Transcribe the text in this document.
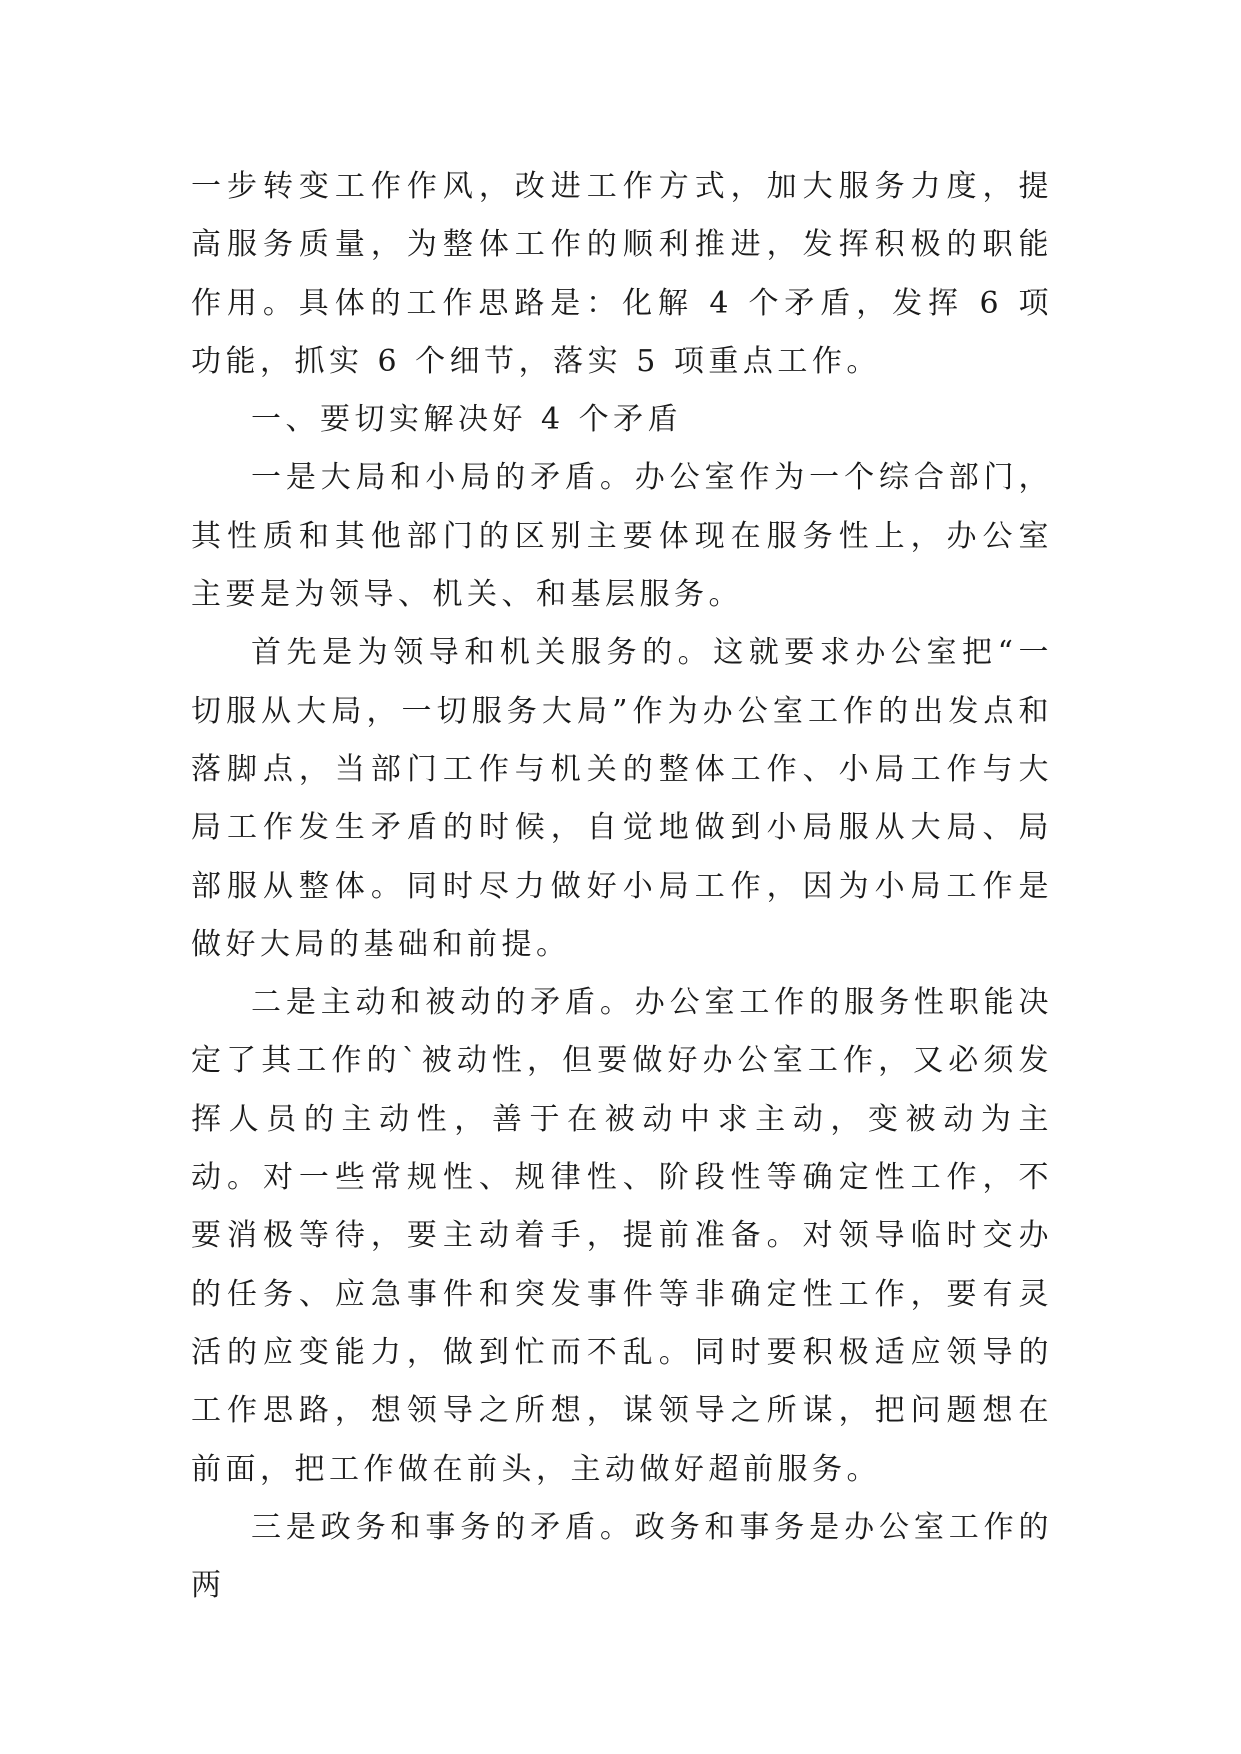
一步转变工作作风，改进工作方式，加大服务力度，提高服务质量，为整体工作的顺利推进，发挥积极的职能作用。具体的工作思路是：化解 4 个矛盾，发挥 6 项功能，抓实 6 个细节，落实 5 项重点工作。

一、要切实解决好 4 个矛盾

一是大局和小局的矛盾。办公室作为一个综合部门，其性质和其他部门的区别主要体现在服务性上，办公室主要是为领导、机关、和基层服务。

首先是为领导和机关服务的。这就要求办公室把“一切服从大局，一切服务大局”作为办公室工作的出发点和落脚点，当部门工作与机关的整体工作、小局工作与大局工作发生矛盾的时候，自觉地做到小局服从大局、局部服从整体。同时尽力做好小局工作，因为小局工作是做好大局的基础和前提。

二是主动和被动的矛盾。办公室工作的服务性职能决定了其工作的`被动性，但要做好办公室工作，又必须发挥人员的主动性，善于在被动中求主动，变被动为主动。对一些常规性、规律性、阶段性等确定性工作，不要消极等待，要主动着手，提前准备。对领导临时交办的任务、应急事件和突发事件等非确定性工作，要有灵活的应变能力，做到忙而不乱。同时要积极适应领导的工作思路，想领导之所想，谋领导之所谋，把问题想在前面，把工作做在前头，主动做好超前服务。

三是政务和事务的矛盾。政务和事务是办公室工作的两
